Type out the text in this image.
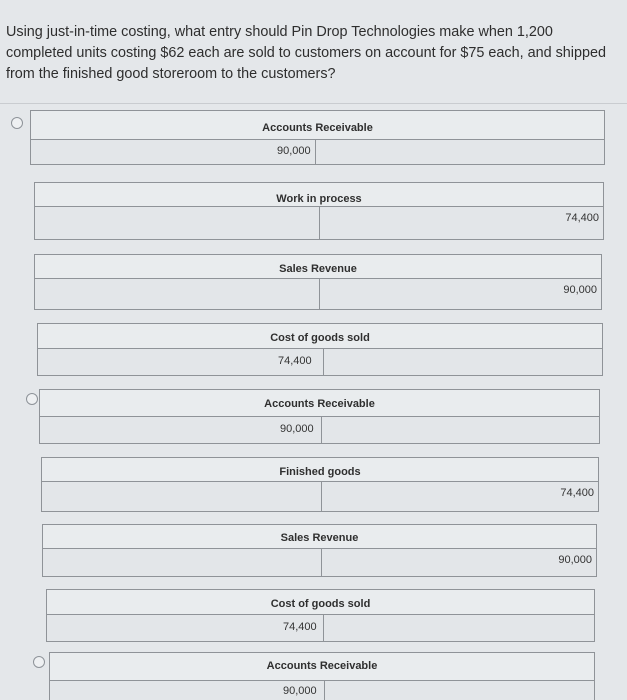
Using just-in-time costing, what entry should Pin Drop Technologies make when 1,200 completed units costing $62 each are sold to customers on account for $75 each, and shipped from the finished good storeroom to the customers?
Accounts Receivable
90,000
Work in process
74,400
Sales Revenue
90,000
Cost of goods sold
74,400
Accounts Receivable
90,000
Finished goods
74,400
Sales Revenue
90,000
Cost of goods sold
74,400
Accounts Receivable
90,000
